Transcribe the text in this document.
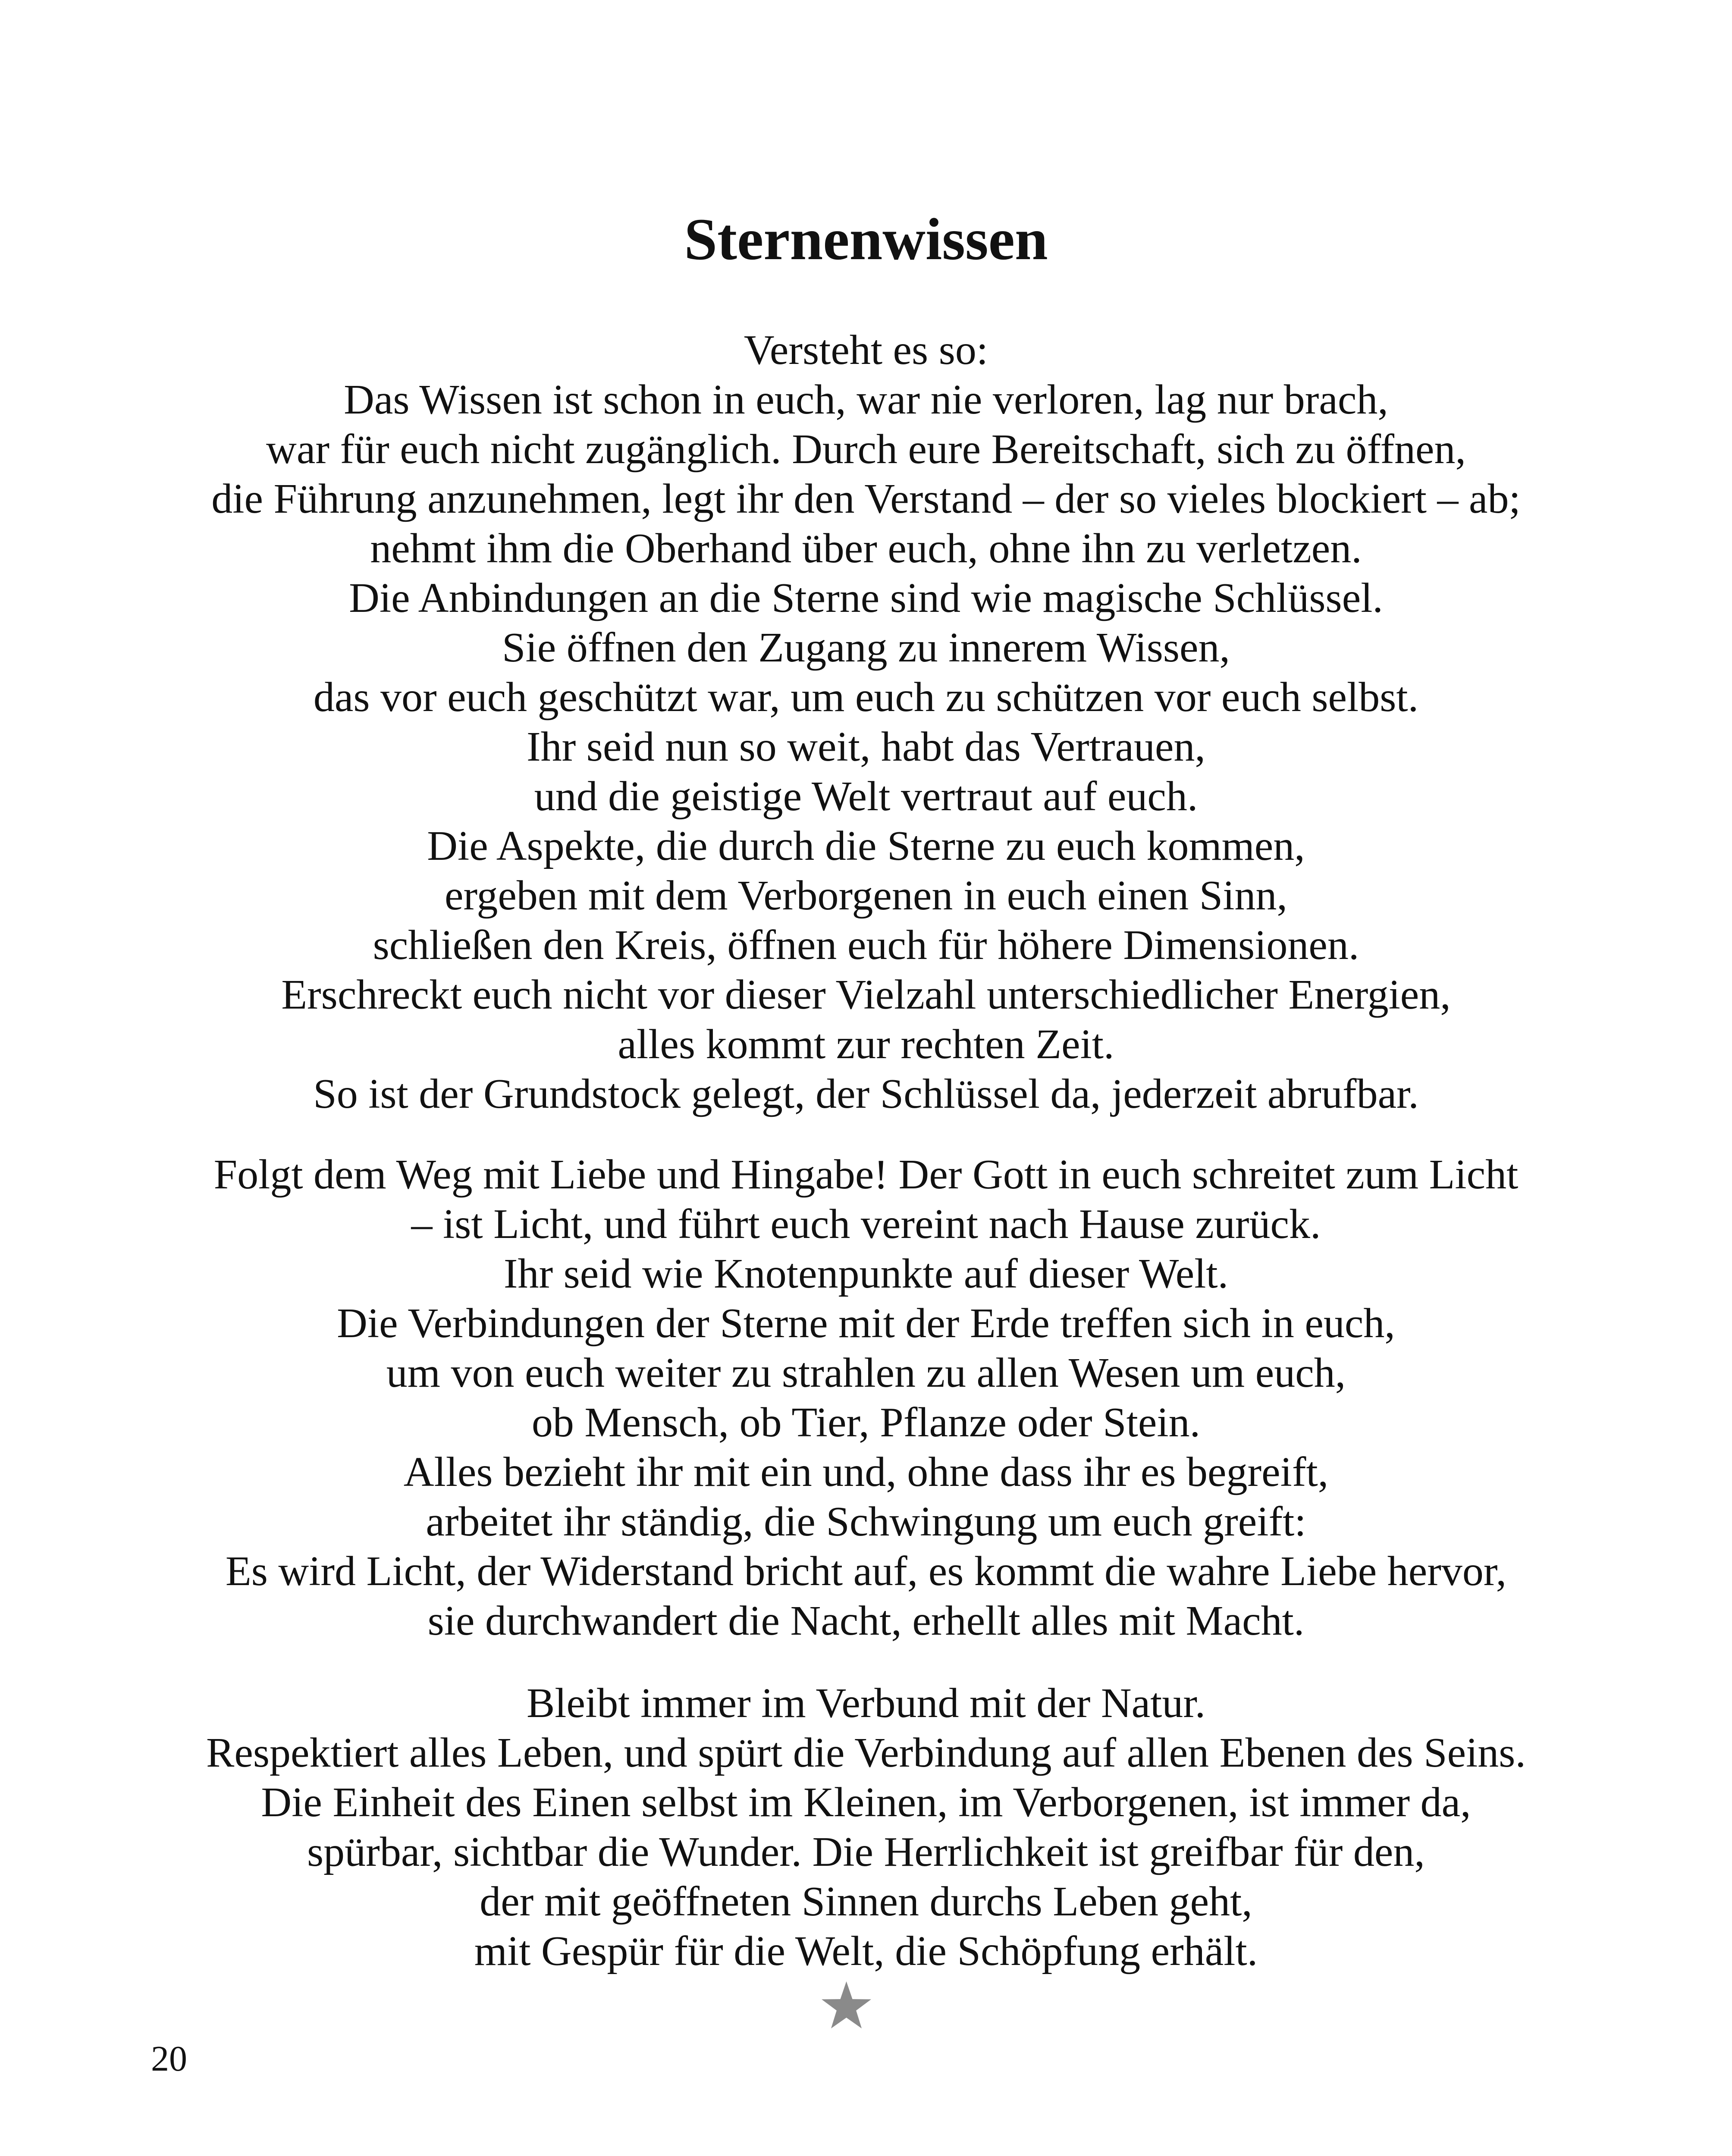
Sternenwissen
Versteht es so:
Das Wissen ist schon in euch, war nie verloren, lag nur brach,
war für euch nicht zugänglich. Durch eure Bereitschaft, sich zu öffnen,
die Führung anzunehmen, legt ihr den Verstand – der so vieles blockiert – ab;
nehmt ihm die Oberhand über euch, ohne ihn zu verletzen.
Die Anbindungen an die Sterne sind wie magische Schlüssel.
Sie öffnen den Zugang zu innerem Wissen,
das vor euch geschützt war, um euch zu schützen vor euch selbst.
Ihr seid nun so weit, habt das Vertrauen,
und die geistige Welt vertraut auf euch.
Die Aspekte, die durch die Sterne zu euch kommen,
ergeben mit dem Verborgenen in euch einen Sinn,
schließen den Kreis, öffnen euch für höhere Dimensionen.
Erschreckt euch nicht vor dieser Vielzahl unterschiedlicher Energien,
alles kommt zur rechten Zeit.
So ist der Grundstock gelegt, der Schlüssel da, jederzeit abrufbar.
Folgt dem Weg mit Liebe und Hingabe! Der Gott in euch schreitet zum Licht
– ist Licht, und führt euch vereint nach Hause zurück.
Ihr seid wie Knotenpunkte auf dieser Welt.
Die Verbindungen der Sterne mit der Erde treffen sich in euch,
um von euch weiter zu strahlen zu allen Wesen um euch,
ob Mensch, ob Tier, Pflanze oder Stein.
Alles bezieht ihr mit ein und, ohne dass ihr es begreift,
arbeitet ihr ständig, die Schwingung um euch greift:
Es wird Licht, der Widerstand bricht auf, es kommt die wahre Liebe hervor,
sie durchwandert die Nacht, erhellt alles mit Macht.
Bleibt immer im Verbund mit der Natur.
Respektiert alles Leben, und spürt die Verbindung auf allen Ebenen des Seins.
Die Einheit des Einen selbst im Kleinen, im Verborgenen, ist immer da,
spürbar, sichtbar die Wunder. Die Herrlichkeit ist greifbar für den,
der mit geöffneten Sinnen durchs Leben geht,
mit Gespür für die Welt, die Schöpfung erhält.
20
